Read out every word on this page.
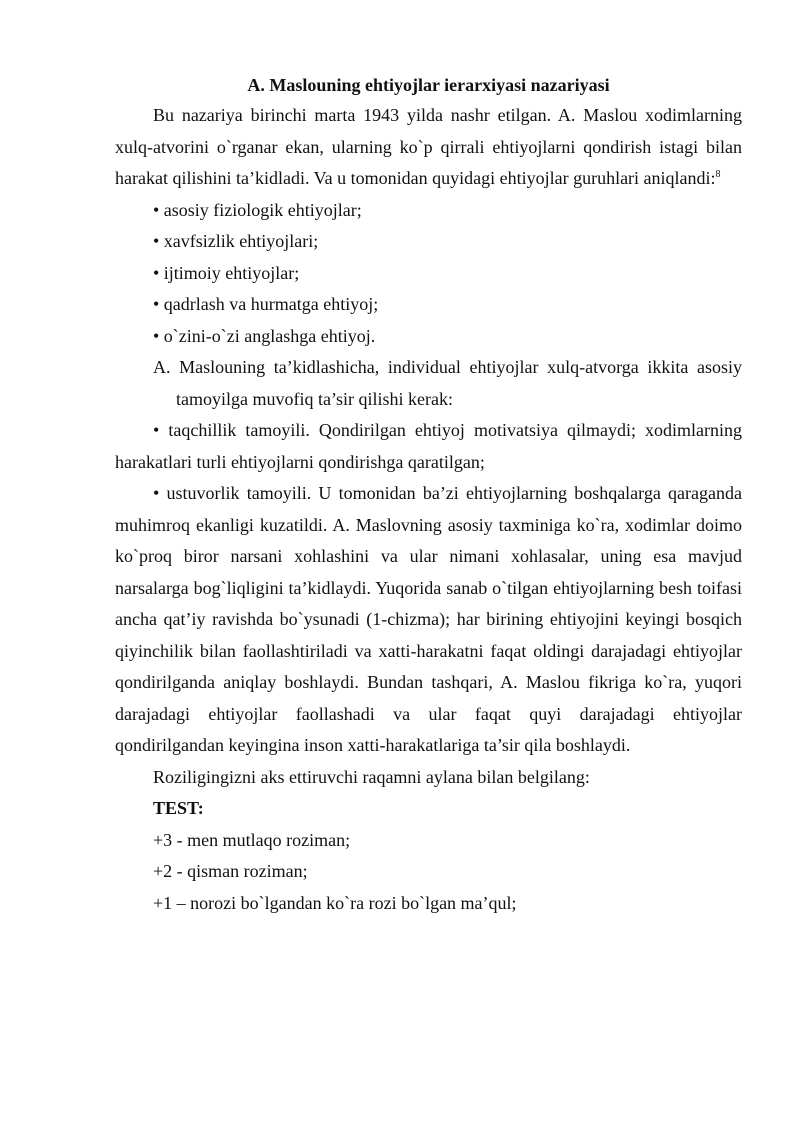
A. Maslouning ehtiyojlar ierarxiyasi nazariyasi

Bu nazariya birinchi marta 1943 yilda nashr etilgan. A. Maslou xodimlarning xulq-atvorini o`rganar ekan, ularning ko`p qirrali ehtiyojlarni qondirish istagi bilan harakat qilishini ta’kidladi. Va u tomonidan quyidagi ehtiyojlar guruhlari aniqlandi:$^8$

• asosiy fiziologik ehtiyojlar;

• xavfsizlik ehtiyojlari;

• ijtimoiy ehtiyojlar;

• qadrlash va hurmatga ehtiyoj;

• o`zini-o`zi anglashga ehtiyoj.

A. Maslouning ta’kidlashicha, individual ehtiyojlar xulq-atvorga ikkita asosiy tamoyilga muvofiq ta’sir qilishi kerak:

• taqchillik tamoyili. Qondirilgan ehtiyoj motivatsiya qilmaydi; xodimlarning harakatlari turli ehtiyojlarni qondirishga qaratilgan;

• ustuvorlik tamoyili. U tomonidan ba’zi ehtiyojlarning boshqalarga qaraganda muhimroq ekanligi kuzatildi. A. Maslovning asosiy taxminiga ko`ra, xodimlar doimo ko`proq biror narsani xohlashini va ular nimani xohlasalar, uning esa mavjud narsalarga bog`liqligini ta’kidlaydi. Yuqorida sanab o`tilgan ehtiyojlarning besh toifasi ancha qat’iy ravishda bo`ysunadi (1-chizma); har birining ehtiyojini keyingi bosqich qiyinchilik bilan faollashtiriladi va xatti-harakatni faqat oldingi darajadagi ehtiyojlar qondirilganda aniqlay boshlaydi. Bundan tashqari, A. Maslou fikriga ko`ra, yuqori darajadagi ehtiyojlar faollashadi va ular faqat quyi darajadagi ehtiyojlar qondirilgandan keyingina inson xatti-harakatlariga ta’sir qila boshlaydi.

Roziligingizni aks ettiruvchi raqamni aylana bilan belgilang:

TEST:

+3 - men mutlaqo roziman;

+2 - qisman roziman;

+1 – norozi bo`lgandan ko`ra rozi bo`lgan ma’qul;
